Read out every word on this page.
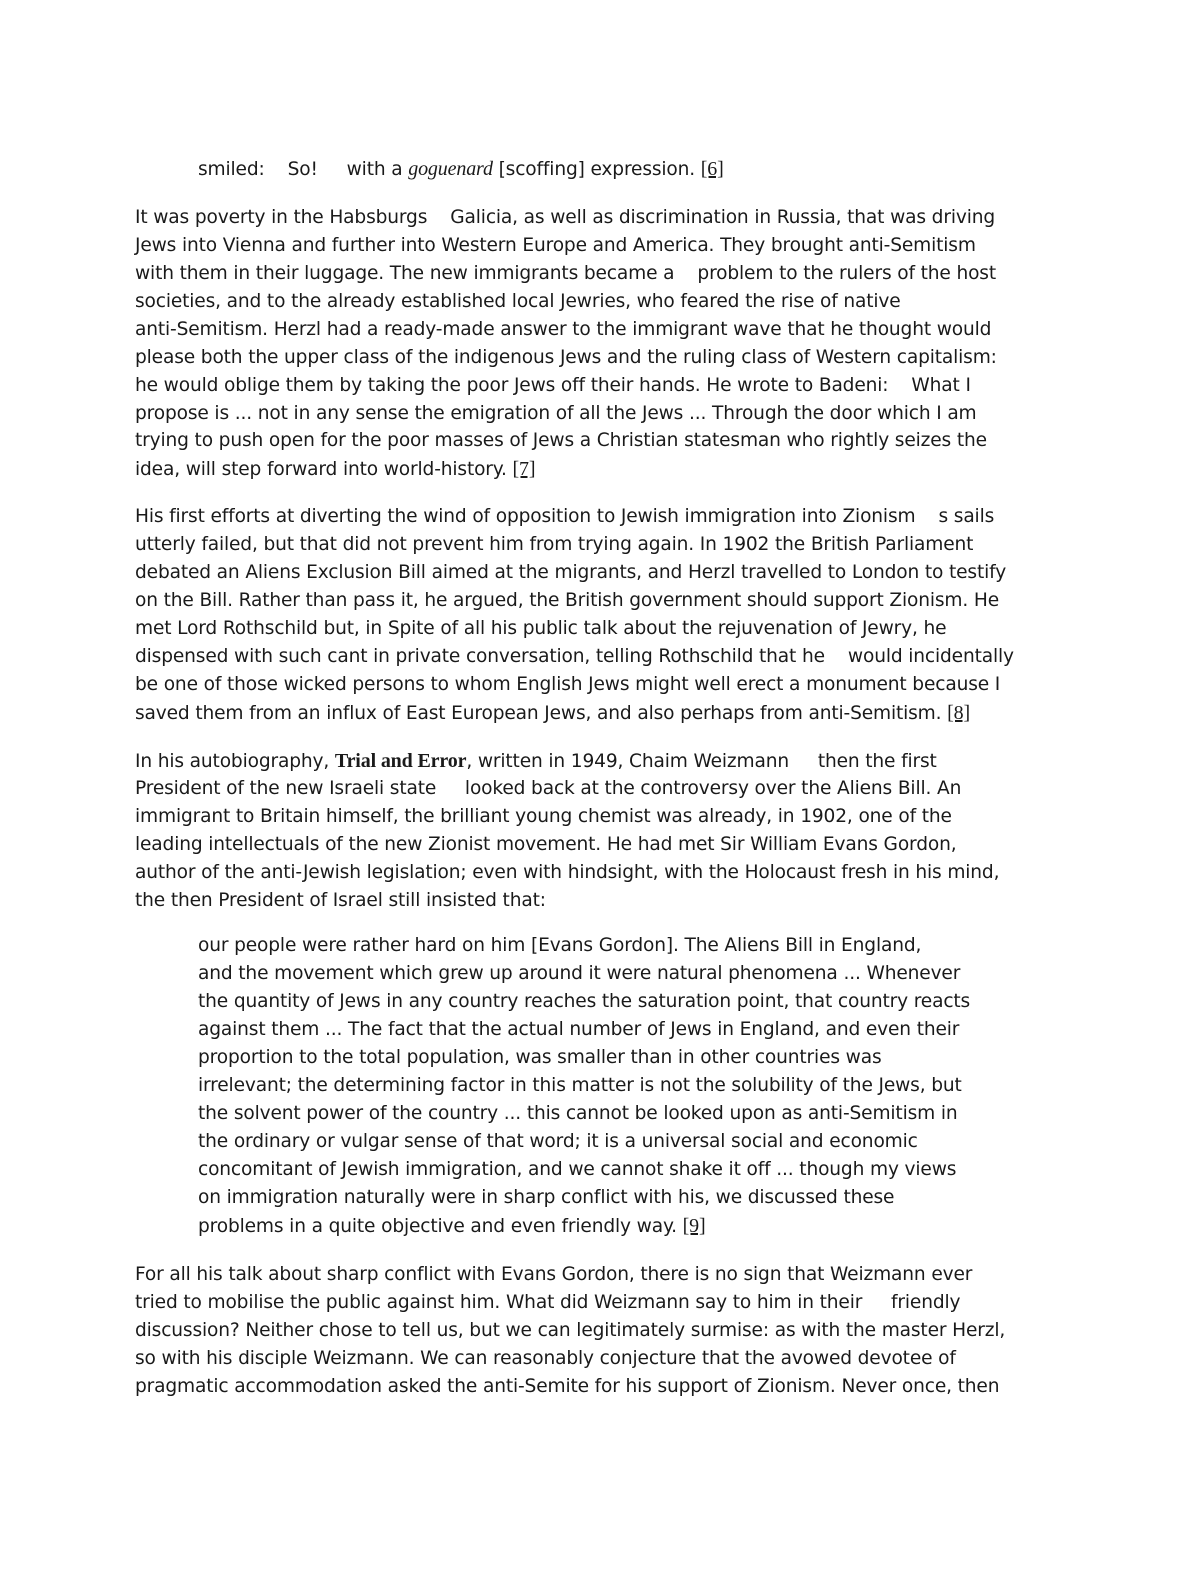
smiled:    So!     with a goguenard [scoffing] expression. [6]

It was poverty in the Habsburgs    Galicia, as well as discrimination in Russia, that was driving

Jews into Vienna and further into Western Europe and America. They brought anti-Semitism

with them in their luggage. The new immigrants became a    problem to the rulers of the host

societies, and to the already established local Jewries, who feared the rise of native

anti-Semitism. Herzl had a ready-made answer to the immigrant wave that he thought would

please both the upper class of the indigenous Jews and the ruling class of Western capitalism:

he would oblige them by taking the poor Jews off their hands. He wrote to Badeni:    What I

propose is ... not in any sense the emigration of all the Jews ... Through the door which I am

trying to push open for the poor masses of Jews a Christian statesman who rightly seizes the

idea, will step forward into world-history. [7]

His first efforts at diverting the wind of opposition to Jewish immigration into Zionism    s sails

utterly failed, but that did not prevent him from trying again. In 1902 the British Parliament

debated an Aliens Exclusion Bill aimed at the migrants, and Herzl travelled to London to testify

on the Bill. Rather than pass it, he argued, the British government should support Zionism. He

met Lord Rothschild but, in Spite of all his public talk about the rejuvenation of Jewry, he

dispensed with such cant in private conversation, telling Rothschild that he    would incidentally

be one of those wicked persons to whom English Jews might well erect a monument because I

saved them from an influx of East European Jews, and also perhaps from anti-Semitism. [8]

In his autobiography, Trial and Error, written in 1949, Chaim Weizmann     then the first

President of the new Israeli state     looked back at the controversy over the Aliens Bill. An

immigrant to Britain himself, the brilliant young chemist was already, in 1902, one of the

leading intellectuals of the new Zionist movement. He had met Sir William Evans Gordon,

author of the anti-Jewish legislation; even with hindsight, with the Holocaust fresh in his mind,

the then President of Israel still insisted that:

our people were rather hard on him [Evans Gordon]. The Aliens Bill in England,

and the movement which grew up around it were natural phenomena ... Whenever

the quantity of Jews in any country reaches the saturation point, that country reacts

against them ... The fact that the actual number of Jews in England, and even their

proportion to the total population, was smaller than in other countries was

irrelevant; the determining factor in this matter is not the solubility of the Jews, but

the solvent power of the country ... this cannot be looked upon as anti-Semitism in

the ordinary or vulgar sense of that word; it is a universal social and economic

concomitant of Jewish immigration, and we cannot shake it off ... though my views

on immigration naturally were in sharp conflict with his, we discussed these

problems in a quite objective and even friendly way. [9]

For all his talk about sharp conflict with Evans Gordon, there is no sign that Weizmann ever

tried to mobilise the public against him. What did Weizmann say to him in their     friendly

discussion? Neither chose to tell us, but we can legitimately surmise: as with the master Herzl,

so with his disciple Weizmann. We can reasonably conjecture that the avowed devotee of

pragmatic accommodation asked the anti-Semite for his support of Zionism. Never once, then
